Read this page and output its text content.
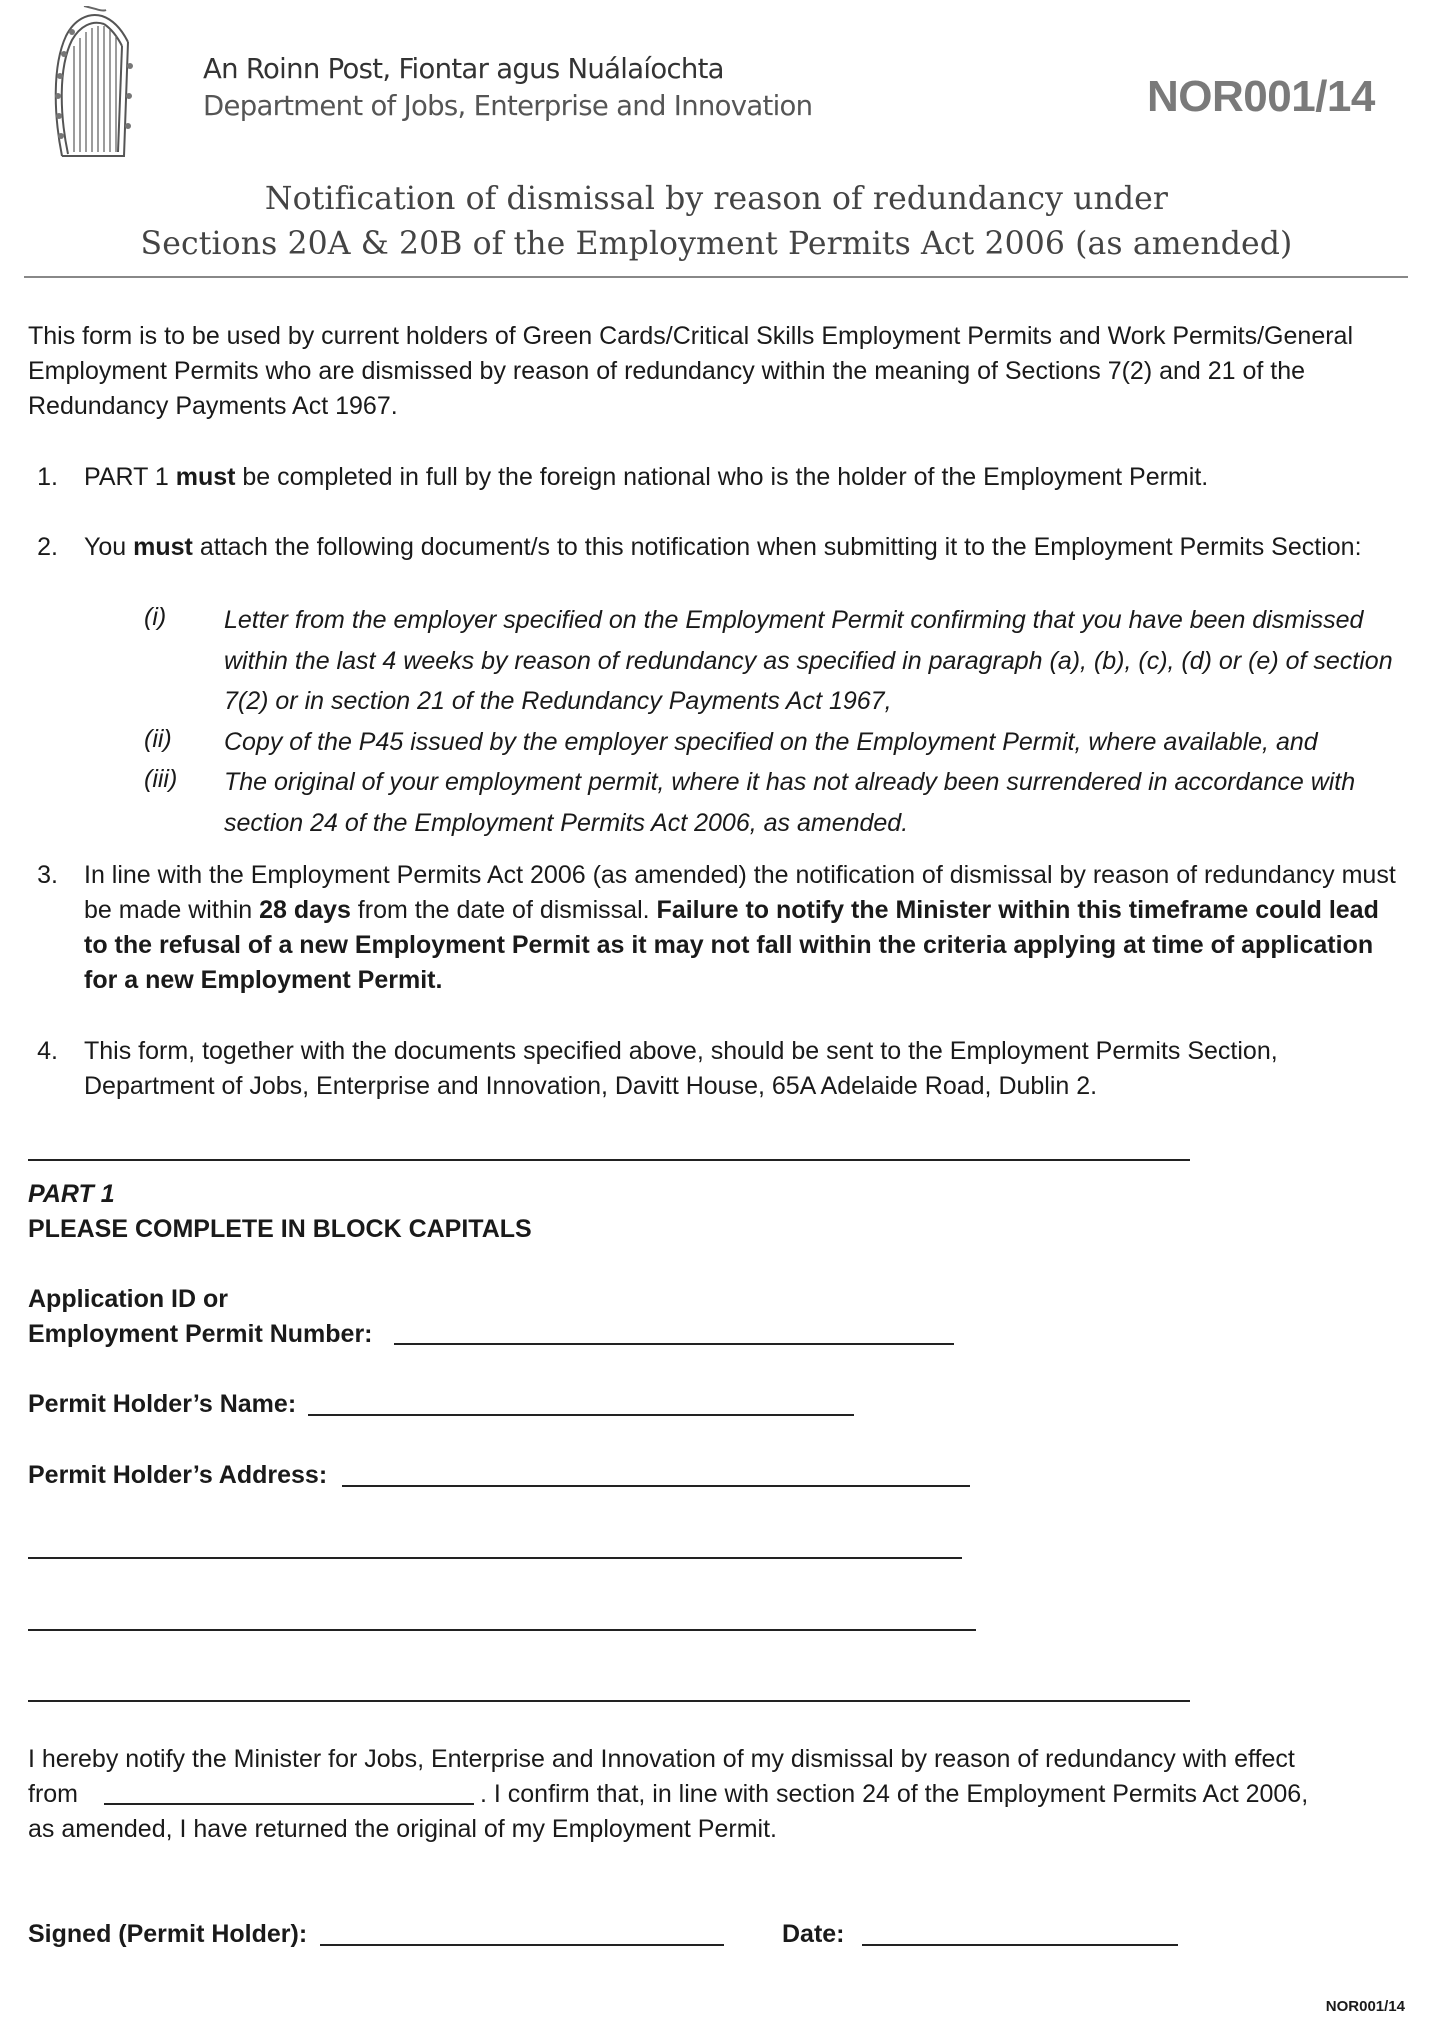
An Roinn Post, Fiontar agus Nuálaíochta
Department of Jobs, Enterprise and Innovation	NOR001/14
Notification of dismissal by reason of redundancy under
Sections 20A & 20B of the Employment Permits Act 2006 (as amended)
This form is to be used by current holders of Green Cards/Critical Skills Employment Permits and Work Permits/General Employment Permits who are dismissed by reason of redundancy within the meaning of Sections 7(2) and 21 of the Redundancy Payments Act 1967.
1. PART 1 must be completed in full by the foreign national who is the holder of the Employment Permit.
2. You must attach the following document/s to this notification when submitting it to the Employment Permits Section:
(i) Letter from the employer specified on the Employment Permit confirming that you have been dismissed within the last 4 weeks by reason of redundancy as specified in paragraph (a), (b), (c), (d) or (e) of section 7(2) or in section 21 of the Redundancy Payments Act 1967,
(ii) Copy of the P45 issued by the employer specified on the Employment Permit, where available, and
(iii) The original of your employment permit, where it has not already been surrendered in accordance with section 24 of the Employment Permits Act 2006, as amended.
3. In line with the Employment Permits Act 2006 (as amended) the notification of dismissal by reason of redundancy must be made within 28 days from the date of dismissal. Failure to notify the Minister within this timeframe could lead to the refusal of a new Employment Permit as it may not fall within the criteria applying at time of application for a new Employment Permit.
4. This form, together with the documents specified above, should be sent to the Employment Permits Section, Department of Jobs, Enterprise and Innovation, Davitt House, 65A Adelaide Road, Dublin 2.
PART 1
PLEASE COMPLETE IN BLOCK CAPITALS
Application ID or
Employment Permit Number:
Permit Holder’s Name:
Permit Holder’s Address:
I hereby notify the Minister for Jobs, Enterprise and Innovation of my dismissal by reason of redundancy with effect
from	. I confirm that, in line with section 24 of the Employment Permits Act 2006,
as amended, I have returned the original of my Employment Permit.
Signed (Permit Holder):	Date:
NOR001/14
